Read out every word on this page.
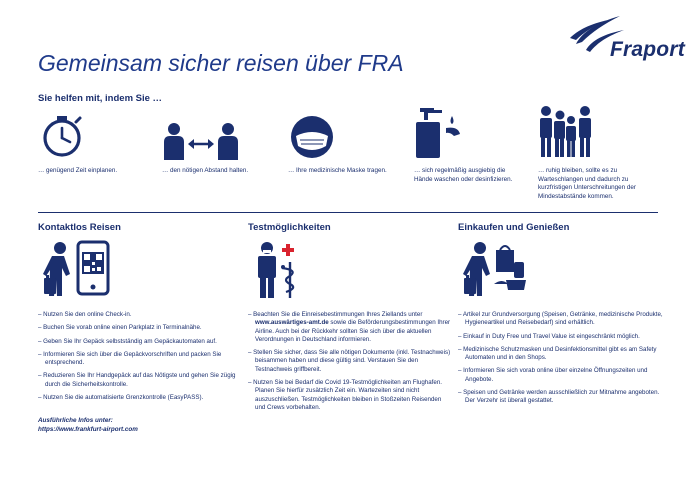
Fraport
Gemeinsam sicher reisen über FRA
Sie helfen mit, indem Sie …
… genügend Zeit einplanen.	… den nötigen Abstand halten.	… Ihre medizinische Maske tragen.	… sich regelmäßig ausgiebig die Hände waschen oder desinfizieren.
… ruhig bleiben, sollte es zu Warteschlangen und dadurch zu kurzfristigen Unterschreitungen der Mindestabstände kommen.
Kontaktlos Reisen
– Nutzen Sie den online Check-in.
– Buchen Sie vorab online einen Parkplatz in Terminalnähe.
– Geben Sie Ihr Gepäck selbstständig am Gepäckautomaten auf.
– Informieren Sie sich über die Gepäckvorschriften und packen Sie entsprechend.
– Reduzieren Sie Ihr Handgepäck auf das Nötigste und gehen Sie zügig durch die Sicherheitskontrolle.
– Nutzen Sie die automatisierte Grenzkontrolle (EasyPASS).
Testmöglichkeiten
– Beachten Sie die Einreisebestimmungen Ihres Ziellands unter www.auswärtiges-amt.de sowie die Beförderungsbestimmungen Ihrer Airline. Auch bei der Rückkehr sollten Sie sich über die aktuellen Verordnungen in Deutschland informieren.
– Stellen Sie sicher, dass Sie alle nötigen Dokumente (inkl. Testnachweis) beisammen haben und diese gültig sind. Verstauen Sie den Testnachweis griffbereit.
– Nutzen Sie bei Bedarf die Covid 19-Testmöglichkeiten am Flughafen. Planen Sie hierfür zusätzlich Zeit ein. Wartezeiten sind nicht auszuschließen. Testmöglichkeiten bleiben in Stoßzeiten Reisenden und Crews vorbehalten.
Einkaufen und Genießen
– Artikel zur Grundversorgung (Speisen, Getränke, medizinische Produkte, Hygieneartikel und Reisebedarf) sind erhältlich.
– Einkauf in Duty Free und Travel Value ist eingeschränkt möglich.
– Medizinische Schutzmasken und Desinfektionsmittel gibt es am Safety Automaten und in den Shops.
– Informieren Sie sich vorab online über einzelne Öffnungszeiten und Angebote.
– Speisen und Getränke werden ausschließlich zur Mitnahme angeboten. Der Verzehr ist überall gestattet.
Ausführliche Infos unter:
https://www.frankfurt-airport.com
